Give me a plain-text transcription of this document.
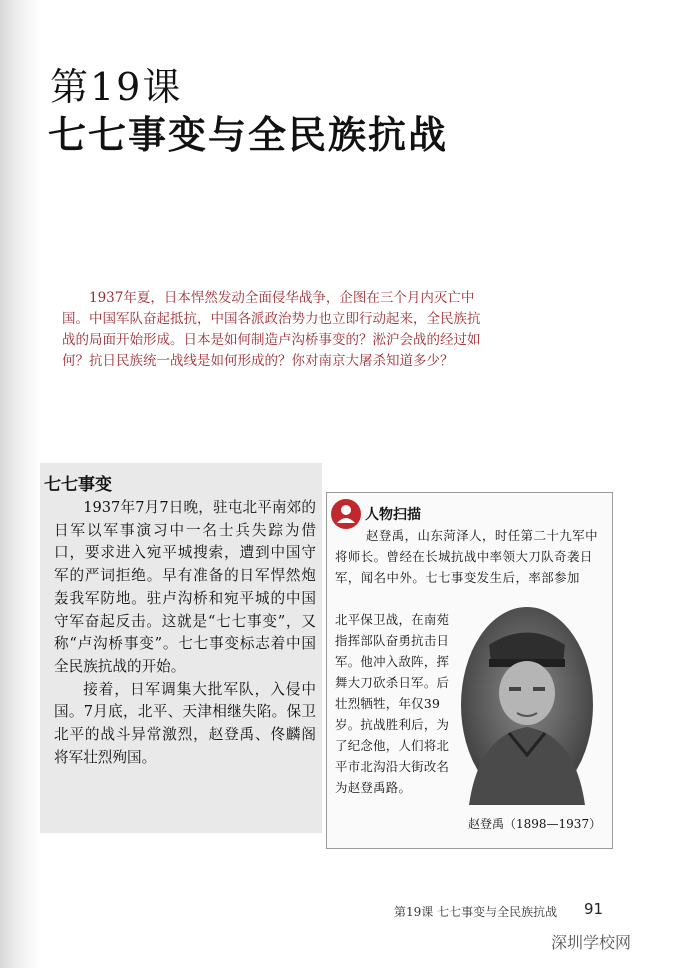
第19课
七七事变与全民族抗战
1937年夏，日本悍然发动全面侵华战争，企图在三个月内灭亡中国。中国军队奋起抵抗，中国各派政治势力也立即行动起来，全民族抗战的局面开始形成。日本是如何制造卢沟桥事变的？淞沪会战的经过如何？抗日民族统一战线是如何形成的？你对南京大屠杀知道多少？
七七事变

1937年7月7日晚，驻屯北平南郊的日军以军事演习中一名士兵失踪为借口，要求进入宛平城搜索，遭到中国守军的严词拒绝。早有准备的日军悍然炮轰我军防地。驻卢沟桥和宛平城的中国守军奋起反击。这就是“七七事变”，又称“卢沟桥事变”。七七事变标志着中国全民族抗战的开始。

接着，日军调集大批军队，入侵中国。7月底，北平、天津相继失陷。保卫北平的战斗异常激烈，赵登禹、佟麟阁将军壮烈殉国。

人物扫描
赵登禹，山东菏泽人，时任第二十九军中将师长。曾经在长城抗战中率领大刀队奇袭日军，闻名中外。七七事变发生后，率部参加
北平保卫战，在南苑指挥部队奋勇抗击日军。他冲入敌阵，挥舞大刀砍杀日军。后壮烈牺牲，年仅39岁。抗战胜利后，为了纪念他，人们将北平市北沟沿大街改名为赵登禹路。
赵登禹（1898—1937）
第19课 七七事变与全民族抗战 91
深圳学校网
